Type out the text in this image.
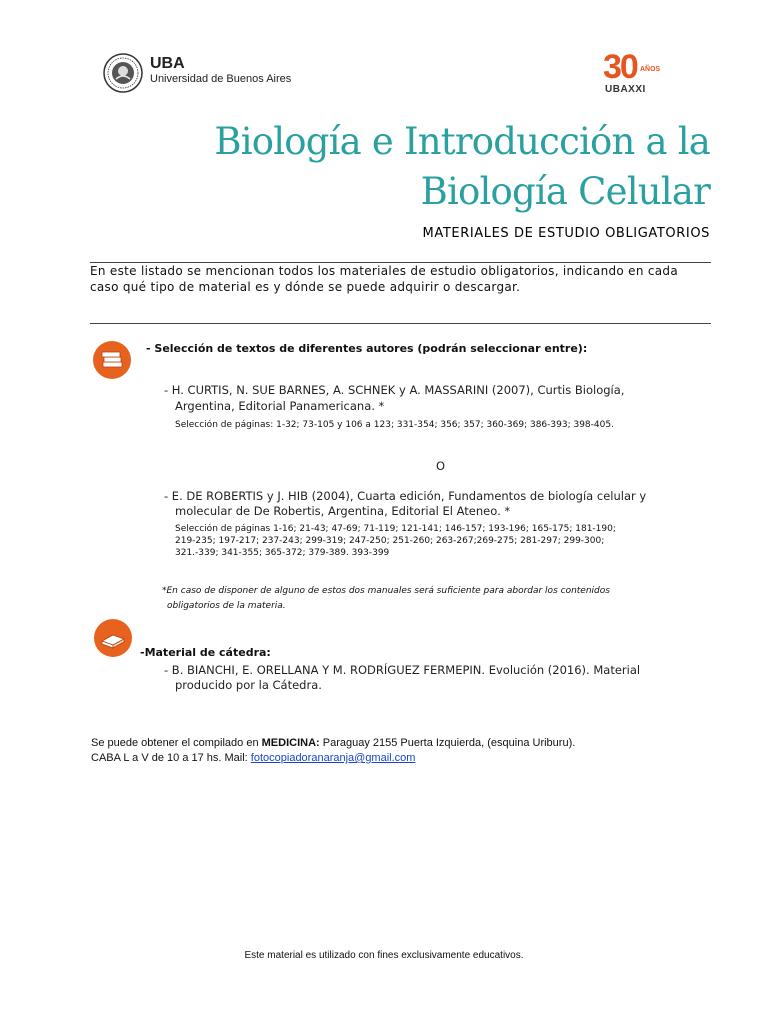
UBA
Universidad de Buenos Aires	30 AÑOS
UBAXXI
Biología e Introducción a la
Biología Celular
MATERIALES DE ESTUDIO OBLIGATORIOS
En este listado se mencionan todos los materiales de estudio obligatorios, indicando en cada
caso qué tipo de material es y dónde se puede adquirir o descargar.
- Selección de textos de diferentes autores (podrán seleccionar entre):
- H. CURTIS, N. SUE BARNES, A. SCHNEK y A. MASSARINI (2007), Curtis Biología,
Argentina, Editorial Panamericana. *
Selección de páginas: 1-32; 73-105 y 106 a 123; 331-354; 356; 357; 360-369; 386-393; 398-405.
O
- E. DE ROBERTIS y J. HIB (2004), Cuarta edición, Fundamentos de biología celular y
molecular de De Robertis, Argentina, Editorial El Ateneo. *
Selección de páginas 1-16; 21-43; 47-69; 71-119; 121-141; 146-157; 193-196; 165-175; 181-190;
219-235; 197-217; 237-243; 299-319; 247-250; 251-260; 263-267;269-275; 281-297; 299-300;
321.-339; 341-355; 365-372; 379-389. 393-399
*En caso de disponer de alguno de estos dos manuales será suficiente para abordar los contenidos
obligatorios de la materia.
-Material de cátedra:
- B. BIANCHI, E. ORELLANA Y M. RODRÍGUEZ FERMEPIN. Evolución (2016). Material
producido por la Cátedra.
Se puede obtener el compilado en MEDICINA: Paraguay 2155 Puerta Izquierda, (esquina Uriburu).
CABA L a V de 10 a 17 hs. Mail: fotocopiadoranaranja@gmail.com
Este material es utilizado con fines exclusivamente educativos.
